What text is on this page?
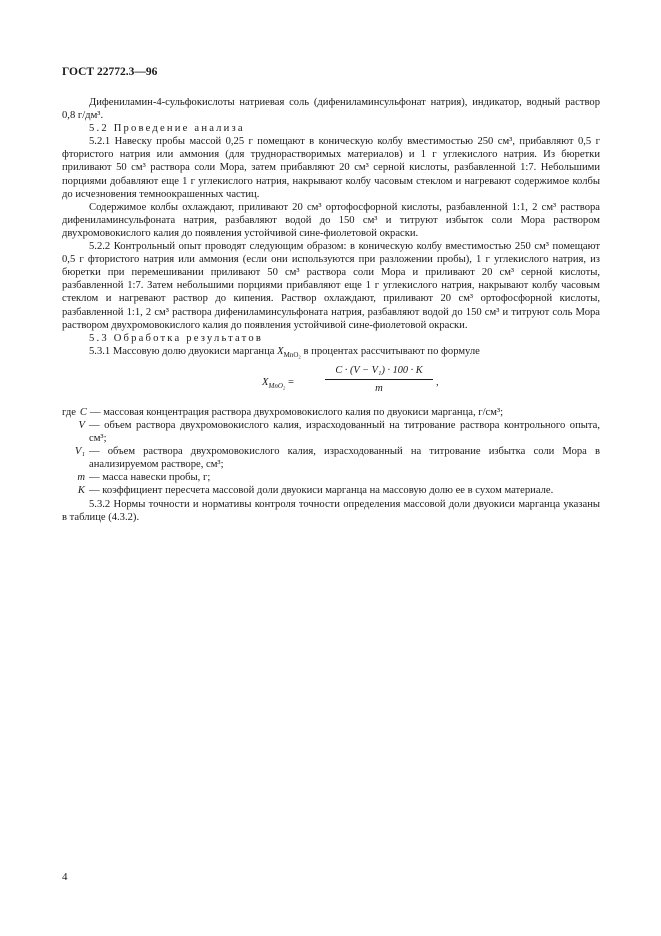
ГОСТ 22772.3—96

Дифениламин-4-сульфокислоты натриевая соль (дифениламинсульфонат натрия), индикатор, водный раствор 0,8 г/дм³.

5.2 Проведение анализа

5.2.1 Навеску пробы массой 0,25 г помещают в коническую колбу вместимостью 250 см³, прибавляют 0,5 г фтористого натрия или аммония (для труднорастворимых материалов) и 1 г углекислого натрия. Из бюретки приливают 50 см³ раствора соли Мора, затем прибавляют 20 см³ серной кислоты, разбавленной 1:7. Небольшими порциями добавляют еще 1 г углекислого натрия, накрывают колбу часовым стеклом и нагревают содержимое колбы до исчезновения темноокрашенных частиц.

Содержимое колбы охлаждают, приливают 20 см³ ортофосфорной кислоты, разбавленной 1:1, 2 см³ раствора дифениламинсульфоната натрия, разбавляют водой до 150 см³ и титруют избыток соли Мора раствором двухромовокислого калия до появления устойчивой сине-фиолетовой окраски.

5.2.2 Контрольный опыт проводят следующим образом: в коническую колбу вместимостью 250 см³ помещают 0,5 г фтористого натрия или аммония (если они используются при разложении пробы), 1 г углекислого натрия, из бюретки при перемешивании приливают 50 см³ раствора соли Мора и приливают 20 см³ серной кислоты, разбавленной 1:7. Затем небольшими порциями прибавляют еще 1 г углекислого натрия, накрывают колбу часовым стеклом и нагревают раствор до кипения. Раствор охлаждают, приливают 20 см³ ортофосфорной кислоты, разбавленной 1:1, 2 см³ раствора дифениламинсульфоната натрия, разбавляют водой до 150 см³ и титруют соль Мора раствором двухромовокислого калия до появления устойчивой сине-фиолетовой окраски.

5.3 Обработка результатов

5.3.1 Массовую долю двуокиси марганца $X_{MnO_2}$ в процентах рассчитывают по формуле

$X_{MnO_2}$ =	$\frac{\text{C · (V − V₁) · 100 · K}}{m}$ ,
где C — массовая концентрация раствора двухромовокислого калия по двуокиси марганца, г/см³;
V — объем раствора двухромовокислого калия, израсходованный на титрование раствора контрольного опыта, см³;
V₁ — объем раствора двухромовокислого калия, израсходованный на титрование избытка соли Мора в анализируемом растворе, см³;
m — масса навески пробы, г;
K — коэффициент пересчета массовой доли двуокиси марганца на массовую долю ее в сухом материале.

5.3.2 Нормы точности и нормативы контроля точности определения массовой доли двуокиси марганца указаны в таблице (4.3.2).

4
